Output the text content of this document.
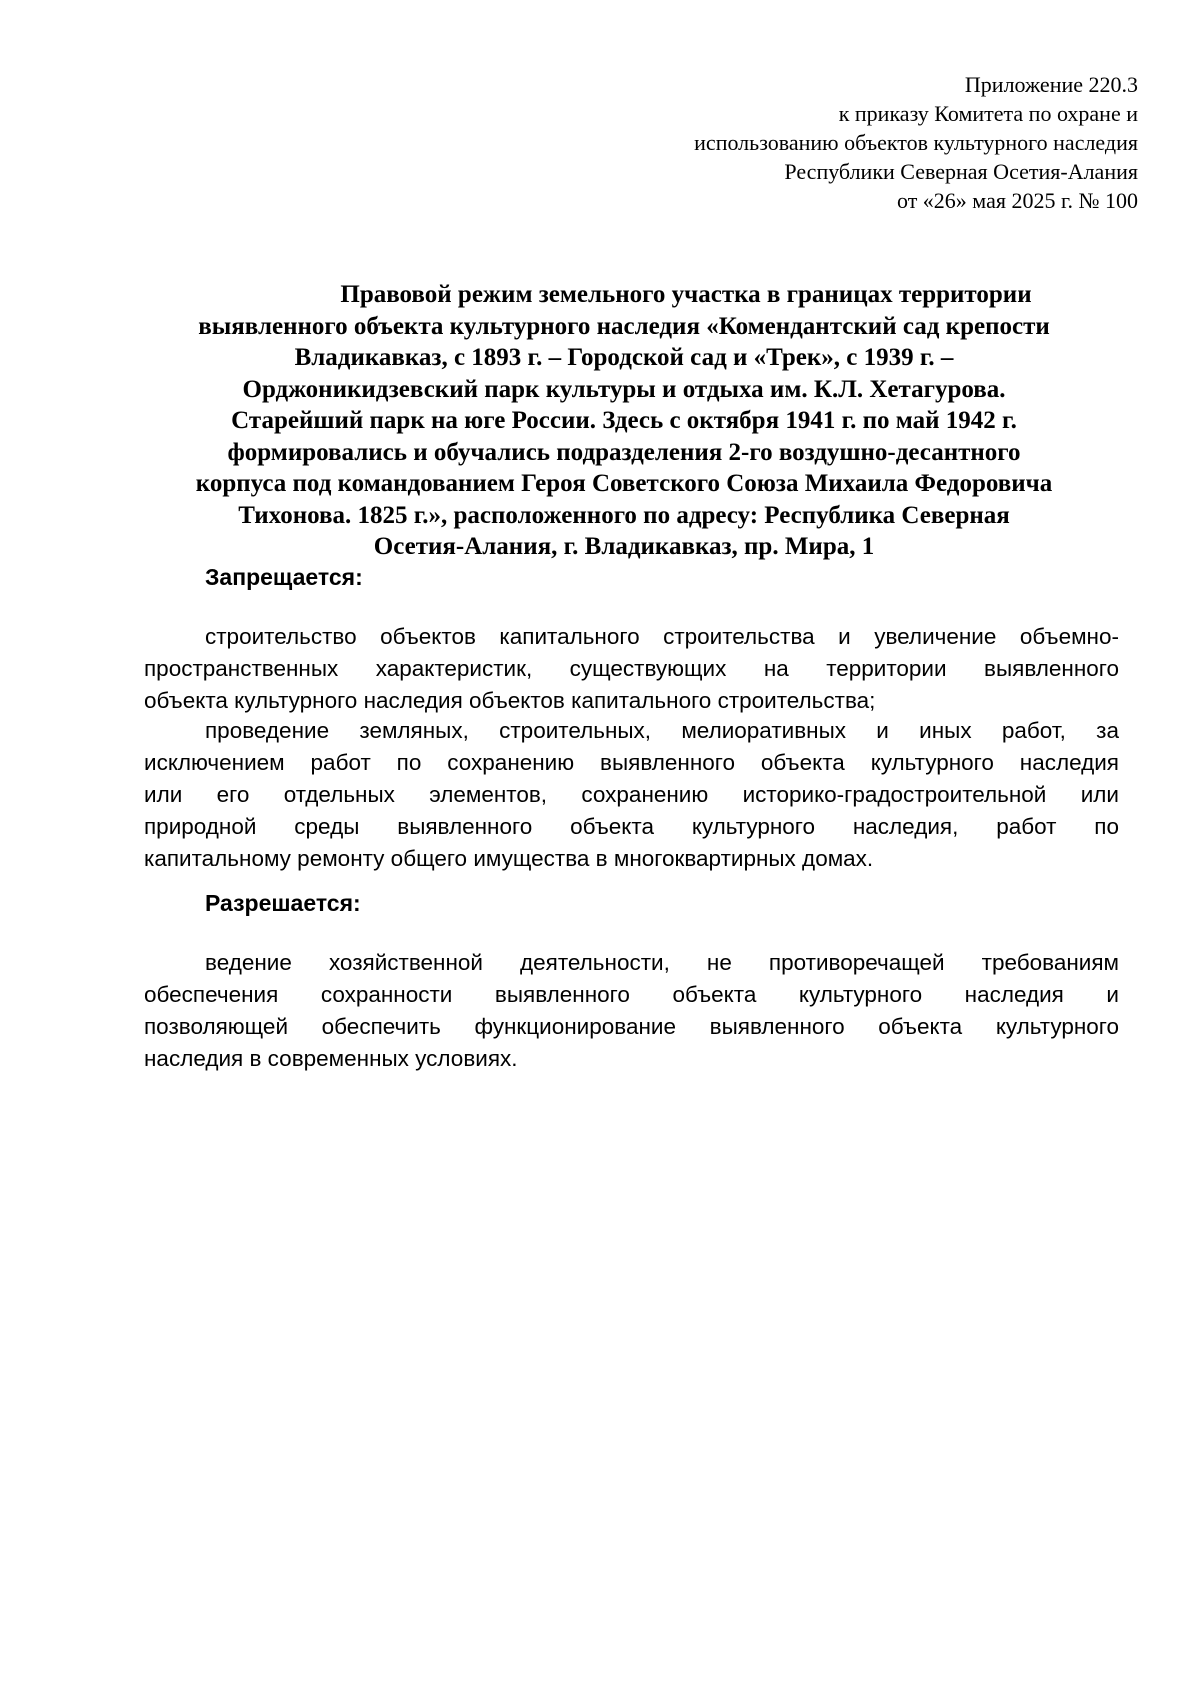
Приложение 220.3
к приказу Комитета по охране и
использованию объектов культурного наследия
Республики Северная Осетия-Алания
от «26» мая 2025 г. № 100
Правовой режим земельного участка в границах территории
выявленного объекта культурного наследия «Комендантский сад крепости
Владикавказ, с 1893 г. – Городской сад и «Трек», с 1939 г. –
Орджоникидзевский парк культуры и отдыха им. К.Л. Хетагурова.
Старейший парк на юге России. Здесь с октября 1941 г. по май 1942 г.
формировались и обучались подразделения 2-го воздушно-десантного
корпуса под командованием Героя Советского Союза Михаила Федоровича
Тихонова. 1825 г.», расположенного по адресу: Республика Северная
Осетия-Алания, г. Владикавказ, пр. Мира, 1
Запрещается:
строительство объектов капитального строительства и увеличение объемно-
пространственных характеристик, существующих на территории выявленного
объекта культурного наследия объектов капитального строительства;
проведение земляных, строительных, мелиоративных и иных работ, за
исключением работ по сохранению выявленного объекта культурного наследия
или его отдельных элементов, сохранению историко-градостроительной или
природной среды выявленного объекта культурного наследия, работ по
капитальному ремонту общего имущества в многоквартирных домах.
Разрешается:
ведение хозяйственной деятельности, не противоречащей требованиям
обеспечения сохранности выявленного объекта культурного наследия и
позволяющей обеспечить функционирование выявленного объекта культурного
наследия в современных условиях.
